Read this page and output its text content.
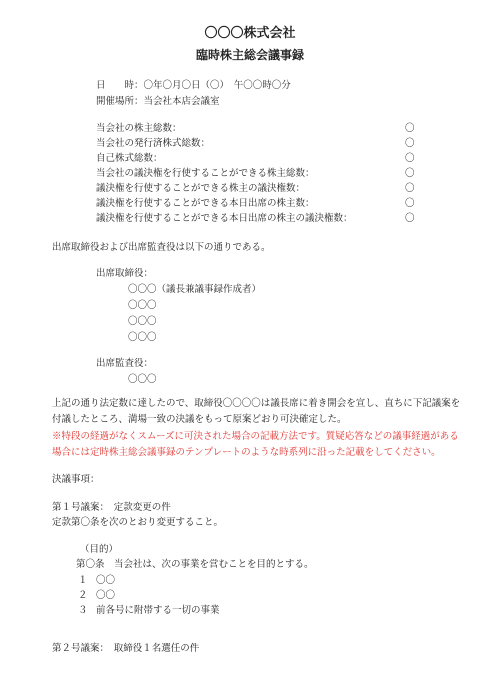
〇〇〇株式会社
臨時株主総会議事録
日　　時：〇年〇月〇日（〇）　午〇〇時〇分
開催場所：当会社本店会議室
当会社の株主総数：	〇
当会社の発行済株式総数：	〇
自己株式総数：	〇
当会社の議決権を行使することができる株主総数：	〇
議決権を行使することができる株主の議決権数：	〇
議決権を行使することができる本日出席の株主数：	〇
議決権を行使することができる本日出席の株主の議決権数：	〇
出席取締役および出席監査役は以下の通りである。
出席取締役：
〇〇〇（議長兼議事録作成者）
〇〇〇
〇〇〇
〇〇〇
出席監査役：
〇〇〇
上記の通り法定数に達したので、取締役〇〇〇〇は議長席に着き開会を宣し、直ちに下記議案を
付議したところ、満場一致の決議をもって原案どおり可決確定した。
※特段の経過がなくスムーズに可決された場合の記載方法です。質疑応答などの議事経過がある
場合には定時株主総会議事録のテンプレートのような時系列に沿った記載をしてください。
決議事項：
第１号議案：　定款変更の件
定款第〇条を次のとおり変更すること。
（目的）
第〇条　当会社は、次の事業を営むことを目的とする。
１ 〇〇
２ 〇〇
３ 前各号に附帯する一切の事業
第２号議案：　取締役１名選任の件
